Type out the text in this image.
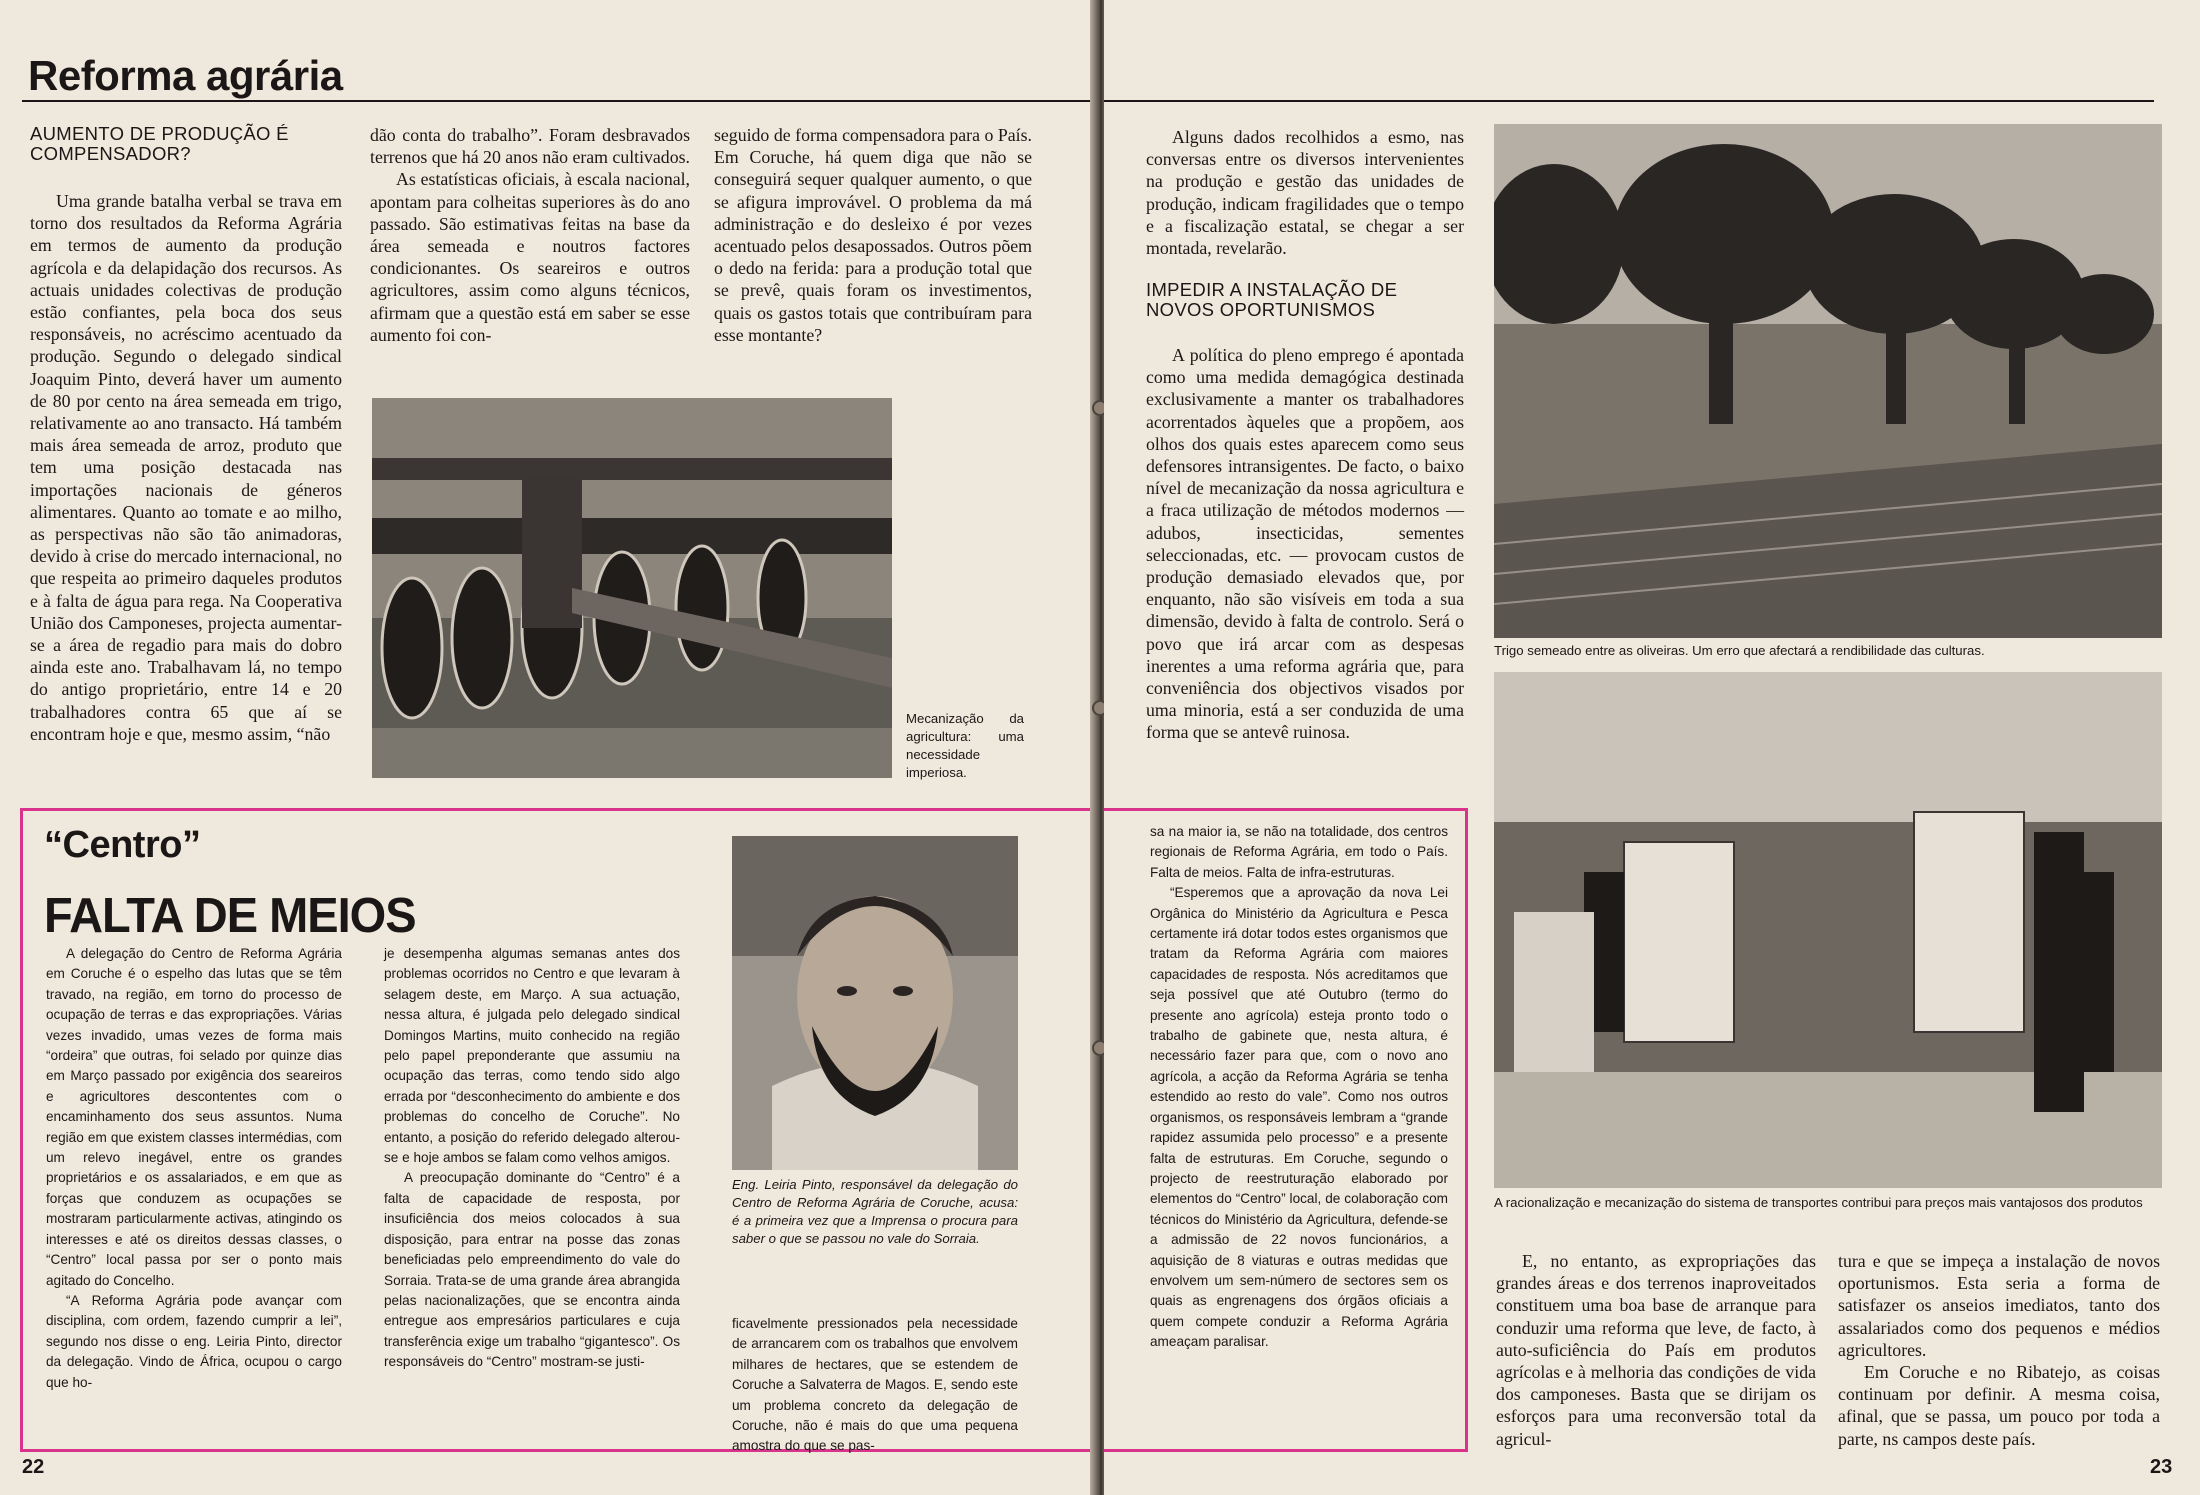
Reforma agrária

AUMENTO DE PRODUÇÃO É COMPENSADOR?

Uma grande batalha verbal se trava em torno dos resultados da Reforma Agrária em termos de aumento da produção agrícola e da delapidação dos recursos. As actuais unidades colectivas de produção estão confiantes, pela boca dos seus responsáveis, no acréscimo acentuado da produção. Segundo o delegado sindical Joaquim Pinto, deverá haver um aumento de 80 por cento na área semeada em trigo, relativamente ao ano transacto. Há também mais área semeada de arroz, produto que tem uma posição destacada nas importações nacionais de géneros alimentares. Quanto ao tomate e ao milho, as perspectivas não são tão animadoras, devido à crise do mercado internacional, no que respeita ao primeiro daqueles produtos e à falta de água para rega. Na Cooperativa União dos Camponeses, projecta aumentar-se a área de regadio para mais do dobro ainda este ano. Trabalhavam lá, no tempo do antigo proprietário, entre 14 e 20 trabalhadores contra 65 que aí se encontram hoje e que, mesmo assim, “não

dão conta do trabalho”. Foram desbravados terrenos que há 20 anos não eram cultivados.

As estatísticas oficiais, à escala nacional, apontam para colheitas superiores às do ano passado. São estimativas feitas na base da área semeada e noutros factores condicionantes. Os seareiros e outros agricultores, assim como alguns técnicos, afirmam que a questão está em saber se esse aumento foi con-

seguido de forma compensadora para o País. Em Coruche, há quem diga que não se conseguirá sequer qualquer aumento, o que se afigura improvável. O problema da má administração e do desleixo é por vezes acentuado pelos desapossados. Outros põem o dedo na ferida: para a produção total que se prevê, quais foram os investimentos, quais os gastos totais que contribuíram para esse montante?

Mecanização da agricultura: uma necessidade imperiosa.
“Centro”
FALTA DE MEIOS

A delegação do Centro de Reforma Agrária em Coruche é o espelho das lutas que se têm travado, na região, em torno do processo de ocupação de terras e das expropriações. Várias vezes invadido, umas vezes de forma mais “ordeira” que outras, foi selado por quinze dias em Março passado por exigência dos seareiros e agricultores descontentes com o encaminhamento dos seus assuntos. Numa região em que existem classes intermédias, com um relevo inegável, entre os grandes proprietários e os assalariados, e em que as forças que conduzem as ocupações se mostraram particularmente activas, atingindo os interesses e até os direitos dessas classes, o “Centro” local passa por ser o ponto mais agitado do Concelho.

“A Reforma Agrária pode avançar com disciplina, com ordem, fazendo cumprir a lei”, segundo nos disse o eng. Leiria Pinto, director da delegação. Vindo de África, ocupou o cargo que ho-

je desempenha algumas semanas antes dos problemas ocorridos no Centro e que levaram à selagem deste, em Março. A sua actuação, nessa altura, é julgada pelo delegado sindical Domingos Martins, muito conhecido na região pelo papel preponderante que assumiu na ocupação das terras, como tendo sido algo errada por “desconhecimento do ambiente e dos problemas do concelho de Coruche”. No entanto, a posição do referido delegado alterou-se e hoje ambos se falam como velhos amigos.

A preocupação dominante do “Centro” é a falta de capacidade de resposta, por insuficiência dos meios colocados à sua disposição, para entrar na posse das zonas beneficiadas pelo empreendimento do vale do Sorraia. Trata-se de uma grande área abrangida pelas nacionalizações, que se encontra ainda entregue aos empresários particulares e cuja transferência exige um trabalho “gigantesco”. Os responsáveis do “Centro” mostram-se justi-

Eng. Leiria Pinto, responsável da delegação do Centro de Reforma Agrária de Coruche, acusa: é a primeira vez que a Imprensa o procura para saber o que se passou no vale do Sorraia.

ficavelmente pressionados pela necessidade de arrancarem com os trabalhos que envolvem milhares de hectares, que se estendem de Coruche a Salvaterra de Magos. E, sendo este um problema concreto da delegação de Coruche, não é mais do que uma pequena amostra do que se pas-

22

Alguns dados recolhidos a esmo, nas conversas entre os diversos intervenientes na produção e gestão das unidades de produção, indicam fragilidades que o tempo e a fiscalização estatal, se chegar a ser montada, revelarão.

IMPEDIR A INSTALAÇÃO DE NOVOS OPORTUNISMOS

A política do pleno emprego é apontada como uma medida demagógica destinada exclusivamente a manter os trabalhadores acorrentados àqueles que a propõem, aos olhos dos quais estes aparecem como seus defensores intransigentes. De facto, o baixo nível de mecanização da nossa agricultura e a fraca utilização de métodos modernos — adubos, insecticidas, sementes seleccionadas, etc. — provocam custos de produção demasiado elevados que, por enquanto, não são visíveis em toda a sua dimensão, devido à falta de controlo. Será o povo que irá arcar com as despesas inerentes a uma reforma agrária que, para conveniência dos objectivos visados por uma minoria, está a ser conduzida de uma forma que se antevê ruinosa.

Trigo semeado entre as oliveiras. Um erro que afectará a rendibilidade das culturas.
A racionalização e mecanização do sistema de transportes contribui para preços mais vantajosos dos produtos

sa na maior ia, se não na totalidade, dos centros regionais de Reforma Agrária, em todo o País. Falta de meios. Falta de infra-estruturas.

“Esperemos que a aprovação da nova Lei Orgânica do Ministério da Agricultura e Pesca certamente irá dotar todos estes organismos que tratam da Reforma Agrária com maiores capacidades de resposta. Nós acreditamos que seja possível que até Outubro (termo do presente ano agrícola) esteja pronto todo o trabalho de gabinete que, nesta altura, é necessário fazer para que, com o novo ano agrícola, a acção da Reforma Agrária se tenha estendido ao resto do vale”. Como nos outros organismos, os responsáveis lembram a “grande rapidez assumida pelo processo” e a presente falta de estruturas. Em Coruche, segundo o projecto de reestruturação elaborado por elementos do “Centro” local, de colaboração com técnicos do Ministério da Agricultura, defende-se a admissão de 22 novos funcionários, a aquisição de 8 viaturas e outras medidas que envolvem um sem-número de sectores sem os quais as engrenagens dos órgãos oficiais a quem compete conduzir a Reforma Agrária ameaçam paralisar.

E, no entanto, as expropriações das grandes áreas e dos terrenos inaproveitados constituem uma boa base de arranque para conduzir uma reforma que leve, de facto, à auto-suficiência do País em produtos agrícolas e à melhoria das condições de vida dos camponeses. Basta que se dirijam os esforços para uma reconversão total da agricul-

tura e que se impeça a instalação de novos oportunismos. Esta seria a forma de satisfazer os anseios imediatos, tanto dos assalariados como dos pequenos e médios agricultores.

Em Coruche e no Ribatejo, as coisas continuam por definir. A mesma coisa, afinal, que se passa, um pouco por toda a parte, ns campos deste país.

23
